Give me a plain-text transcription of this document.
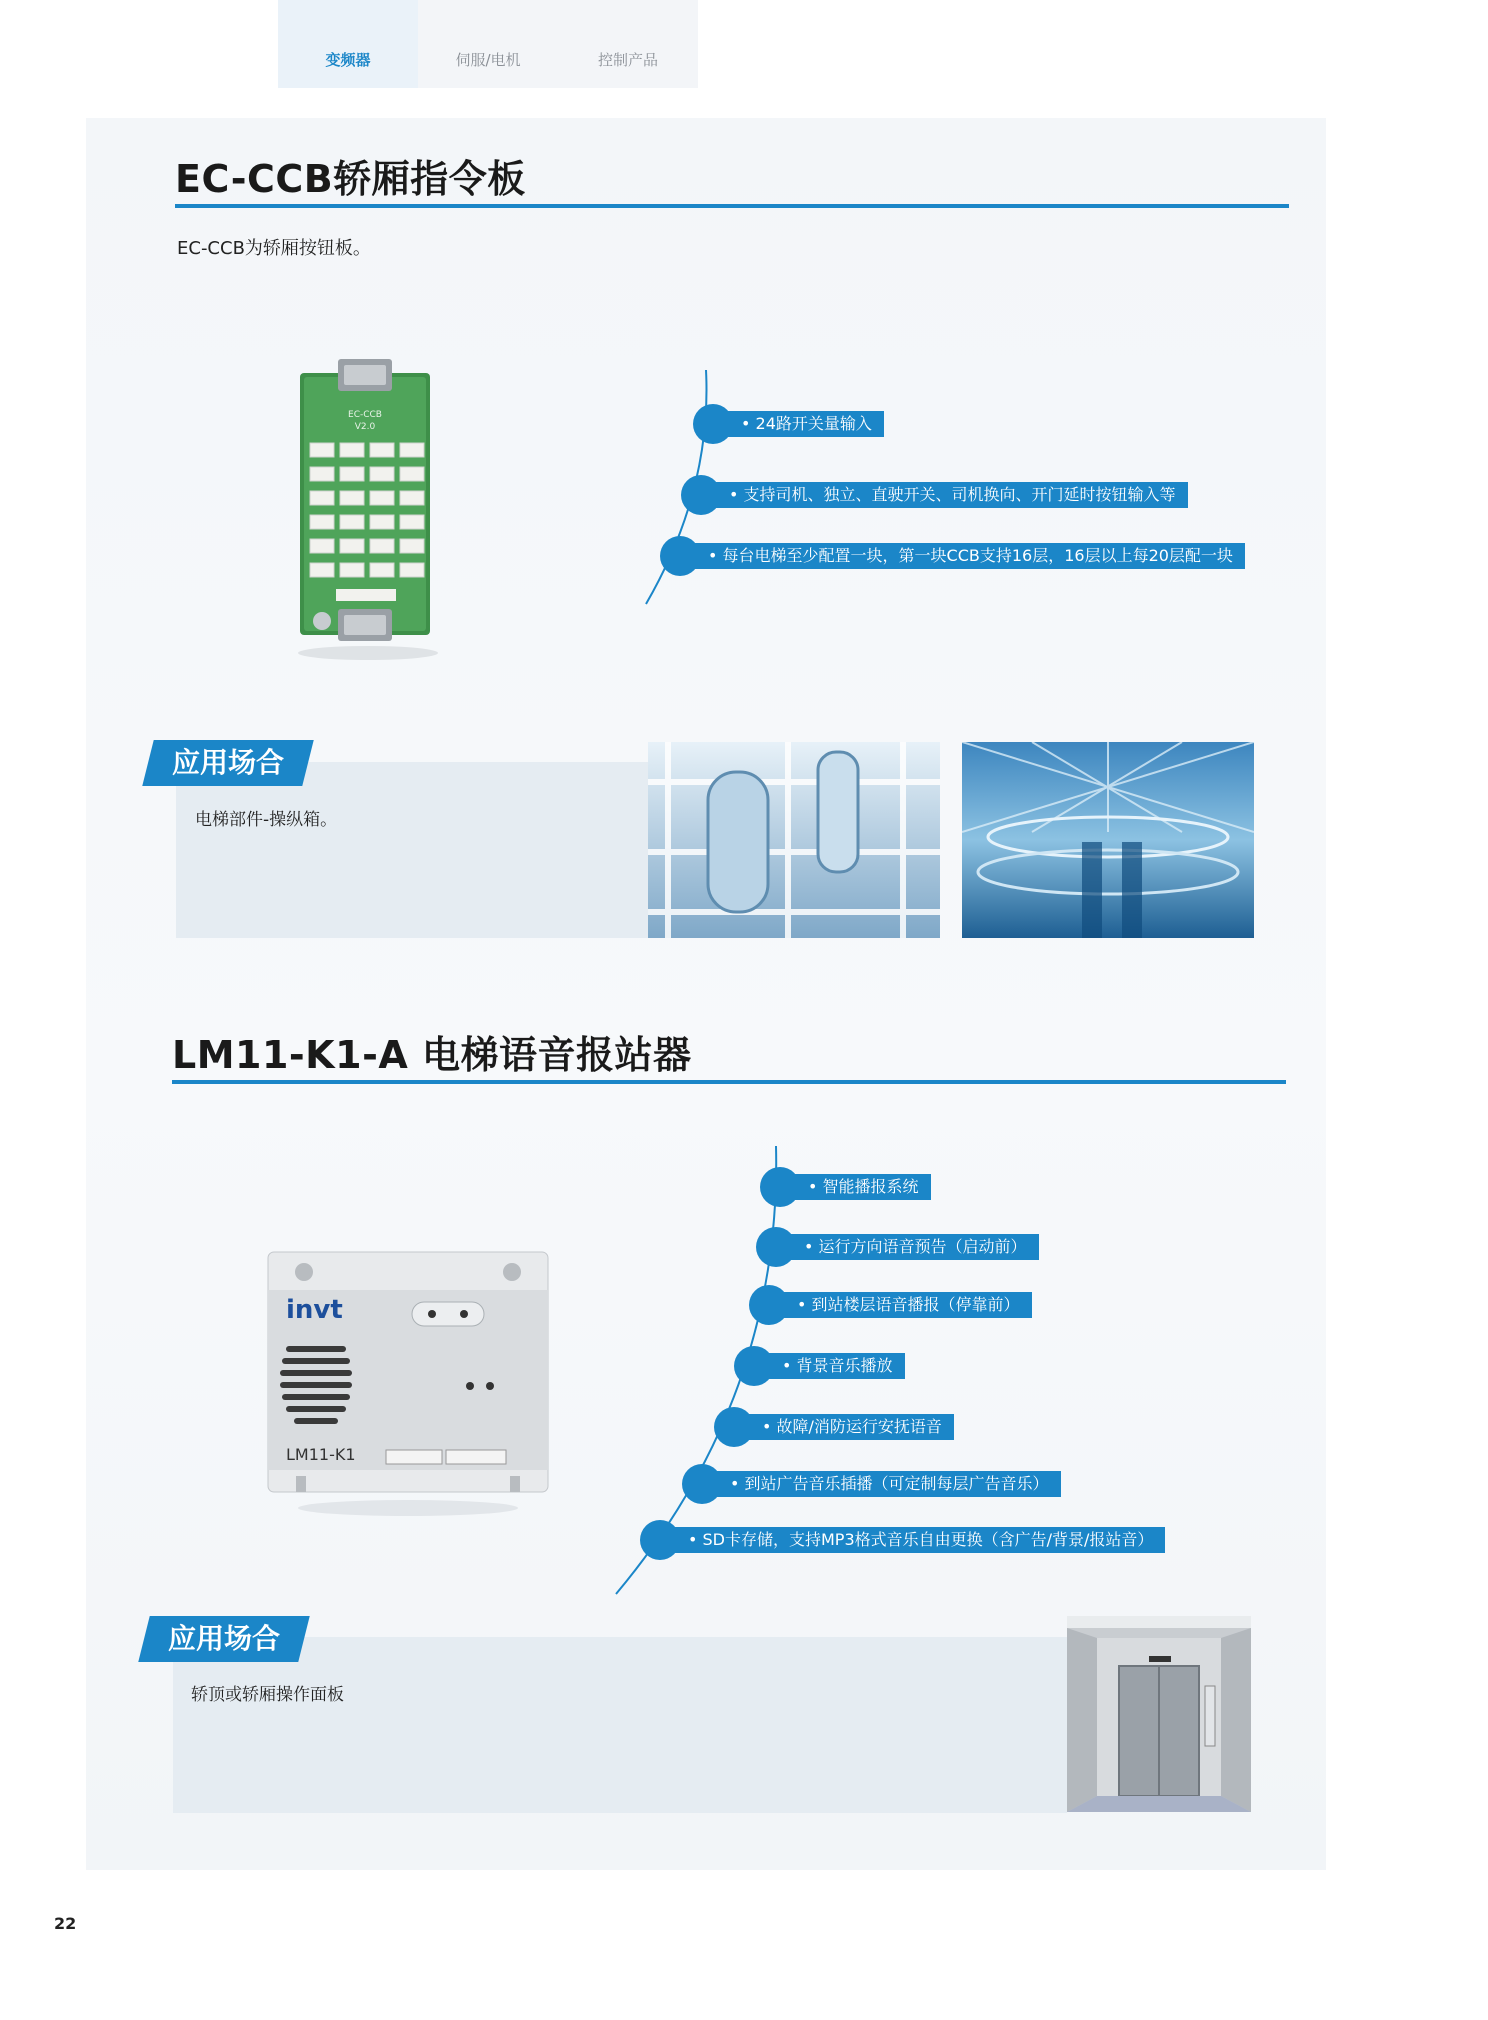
变频器	伺服/电机	控制产品
EC-CCB轿厢指令板
EC-CCB为轿厢按钮板。
EC-CCB
V2.0	• 24路开关量输入
• 支持司机、独立、直驶开关、司机换向、开门延时按钮输入等
• 每台电梯至少配置一块，第一块CCB支持16层，16层以上每20层配一块
应用场合
电梯部件-操纵箱。
LM11-K1-A 电梯语音报站器
invt
LM11-K1
• 智能播报系统
• 运行方向语音预告（启动前）
• 到站楼层语音播报（停靠前）
• 背景音乐播放
• 故障/消防运行安抚语音
• 到站广告音乐插播（可定制每层广告音乐）
• SD卡存储，支持MP3格式音乐自由更换（含广告/背景/报站音）
应用场合
轿顶或轿厢操作面板
22
